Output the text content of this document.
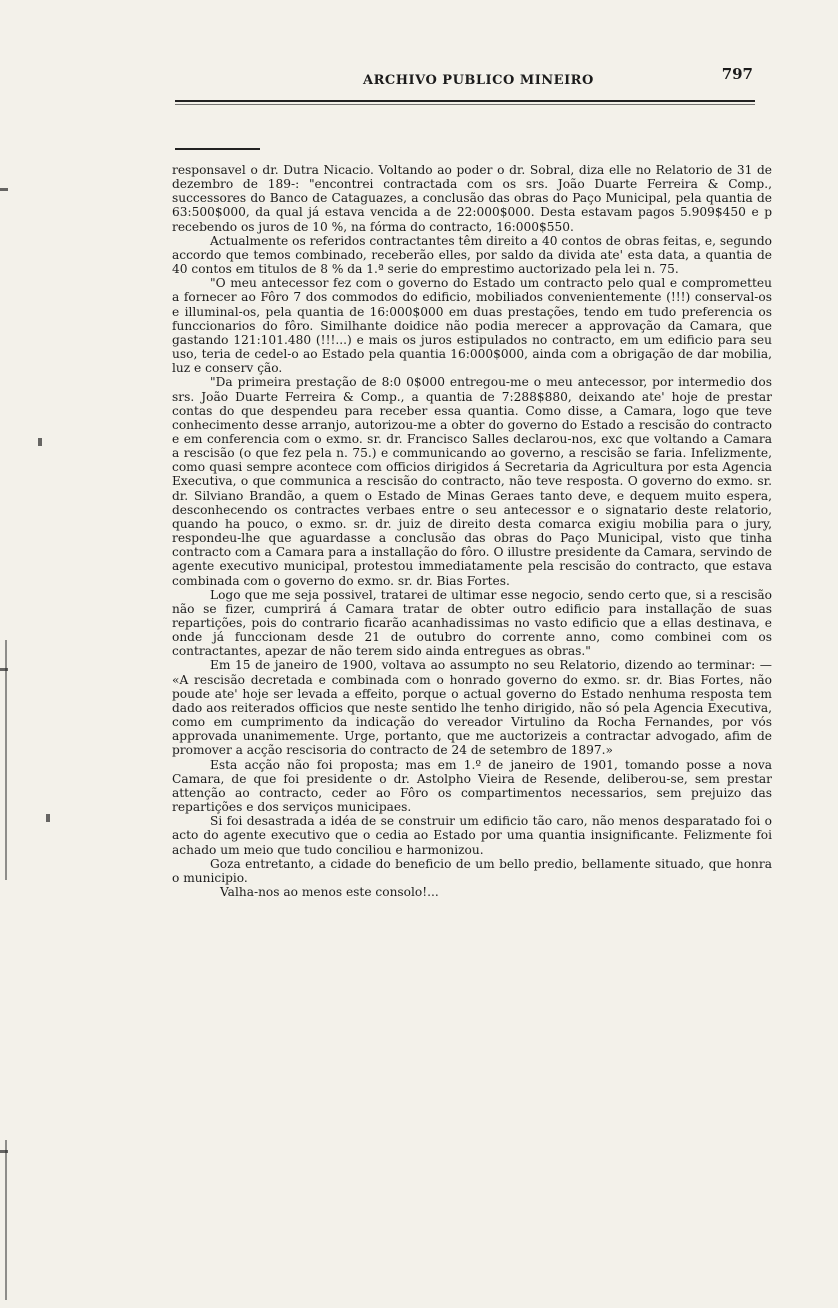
ARCHIVO PUBLICO MINEIRO	797

responsavel o dr. Dutra Nicacio. Voltando ao poder o dr. Sobral, diza elle no Relatorio de 31 de dezembro de 189-: "encontrei contractada com os srs. João Duarte Ferreira & Comp., successores do Banco de Cataguazes, a conclusão das obras do Paço Municipal, pela quantia de 63:500$000, da qual já estava vencida a de 22:000$000. Desta estavam pagos 5.909$450 e p recebendo os juros de 10 %, na fórma do contracto, 16:000$550.

Actualmente os referidos contractantes têm direito a 40 contos de obras feitas, e, segundo accordo que temos combinado, receberão elles, por saldo da divida ate' esta data, a quantia de 40 contos em titulos de 8 % da 1.ª serie do emprestimo auctorizado pela lei n. 75.

"O meu antecessor fez com o governo do Estado um contracto pelo qual e comprometteu a fornecer ao Fôro 7 dos commodos do edificio, mobiliados convenientemente (!!!) conserval-os e illuminal-os, pela quantia de 16:000$000 em duas prestações, tendo em tudo preferencia os funccionarios do fôro. Similhante doidice não podia merecer a approvação da Camara, que gastando 121:101.480 (!!!...) e mais os juros estipulados no contracto, em um edificio para seu uso, teria de cedel-o ao Estado pela quantia 16:000$000, ainda com a obrigação de dar mobilia, luz e conserv ção.

"Da primeira prestação de 8:0 0$000 entregou-me o meu antecessor, por intermedio dos srs. João Duarte Ferreira & Comp., a quantia de 7:288$880, deixando ate' hoje de prestar contas do que despendeu para receber essa quantia. Como disse, a Camara, logo que teve conhecimento desse arranjo, autorizou-me a obter do governo do Estado a rescisão do contracto e em conferencia com o exmo. sr. dr. Francisco Salles declarou-nos, exc que voltando a Camara a rescisão (o que fez pela n. 75.) e communicando ao governo, a rescisão se faria. Infelizmente, como quasi sempre acontece com officios dirigidos á Secretaria da Agricultura por esta Agencia Executiva, o que communica a rescisão do contracto, não teve resposta. O governo do exmo. sr. dr. Silviano Brandão, a quem o Estado de Minas Geraes tanto deve, e dequem muito espera, desconhecendo os contractes verbaes entre o seu antecessor e o signatario deste relatorio, quando ha pouco, o exmo. sr. dr. juiz de direito desta comarca exigiu mobilia para o jury, respondeu-lhe que aguardasse a conclusão das obras do Paço Municipal, visto que tinha contracto com a Camara para a installação do fôro. O illustre presidente da Camara, servindo de agente executivo municipal, protestou immediatamente pela rescisão do contracto, que estava combinada com o governo do exmo. sr. dr. Bias Fortes.

Logo que me seja possivel, tratarei de ultimar esse negocio, sendo certo que, si a rescisão não se fizer, cumprirá á Camara tratar de obter outro edificio para installação de suas repartições, pois do contrario ficarão acanhadissimas no vasto edificio que a ellas destinava, e onde já funccionam desde 21 de outubro do corrente anno, como combinei com os contractantes, apezar de não terem sido ainda entregues as obras."

Em 15 de janeiro de 1900, voltava ao assumpto no seu Relatorio, dizendo ao terminar: — «A rescisão decretada e combinada com o honrado governo do exmo. sr. dr. Bias Fortes, não poude ate' hoje ser levada a effeito, porque o actual governo do Estado nenhuma resposta tem dado aos reiterados officios que neste sentido lhe tenho dirigido, não só pela Agencia Executiva, como em cumprimento da indicação do vereador Virtulino da Rocha Fernandes, por vós approvada unanimemente. Urge, portanto, que me auctorizeis a contractar advogado, afim de promover a acção rescisoria do contracto de 24 de setembro de 1897.»

Esta acção não foi proposta; mas em 1.º de janeiro de 1901, tomando posse a nova Camara, de que foi presidente o dr. Astolpho Vieira de Resende, deliberou-se, sem prestar attenção ao contracto, ceder ao Fôro os compartimentos necessarios, sem prejuizo das repartições e dos serviços municipaes.

Si foi desastrada a idéa de se construir um edificio tão caro, não menos desparatado foi o acto do agente executivo que o cedia ao Estado por uma quantia insignificante. Felizmente foi achado um meio que tudo conciliou e harmonizou.

Goza entretanto, a cidade do beneficio de um bello predio, bellamente situado, que honra o municipio.

Valha-nos ao menos este consolo!...
